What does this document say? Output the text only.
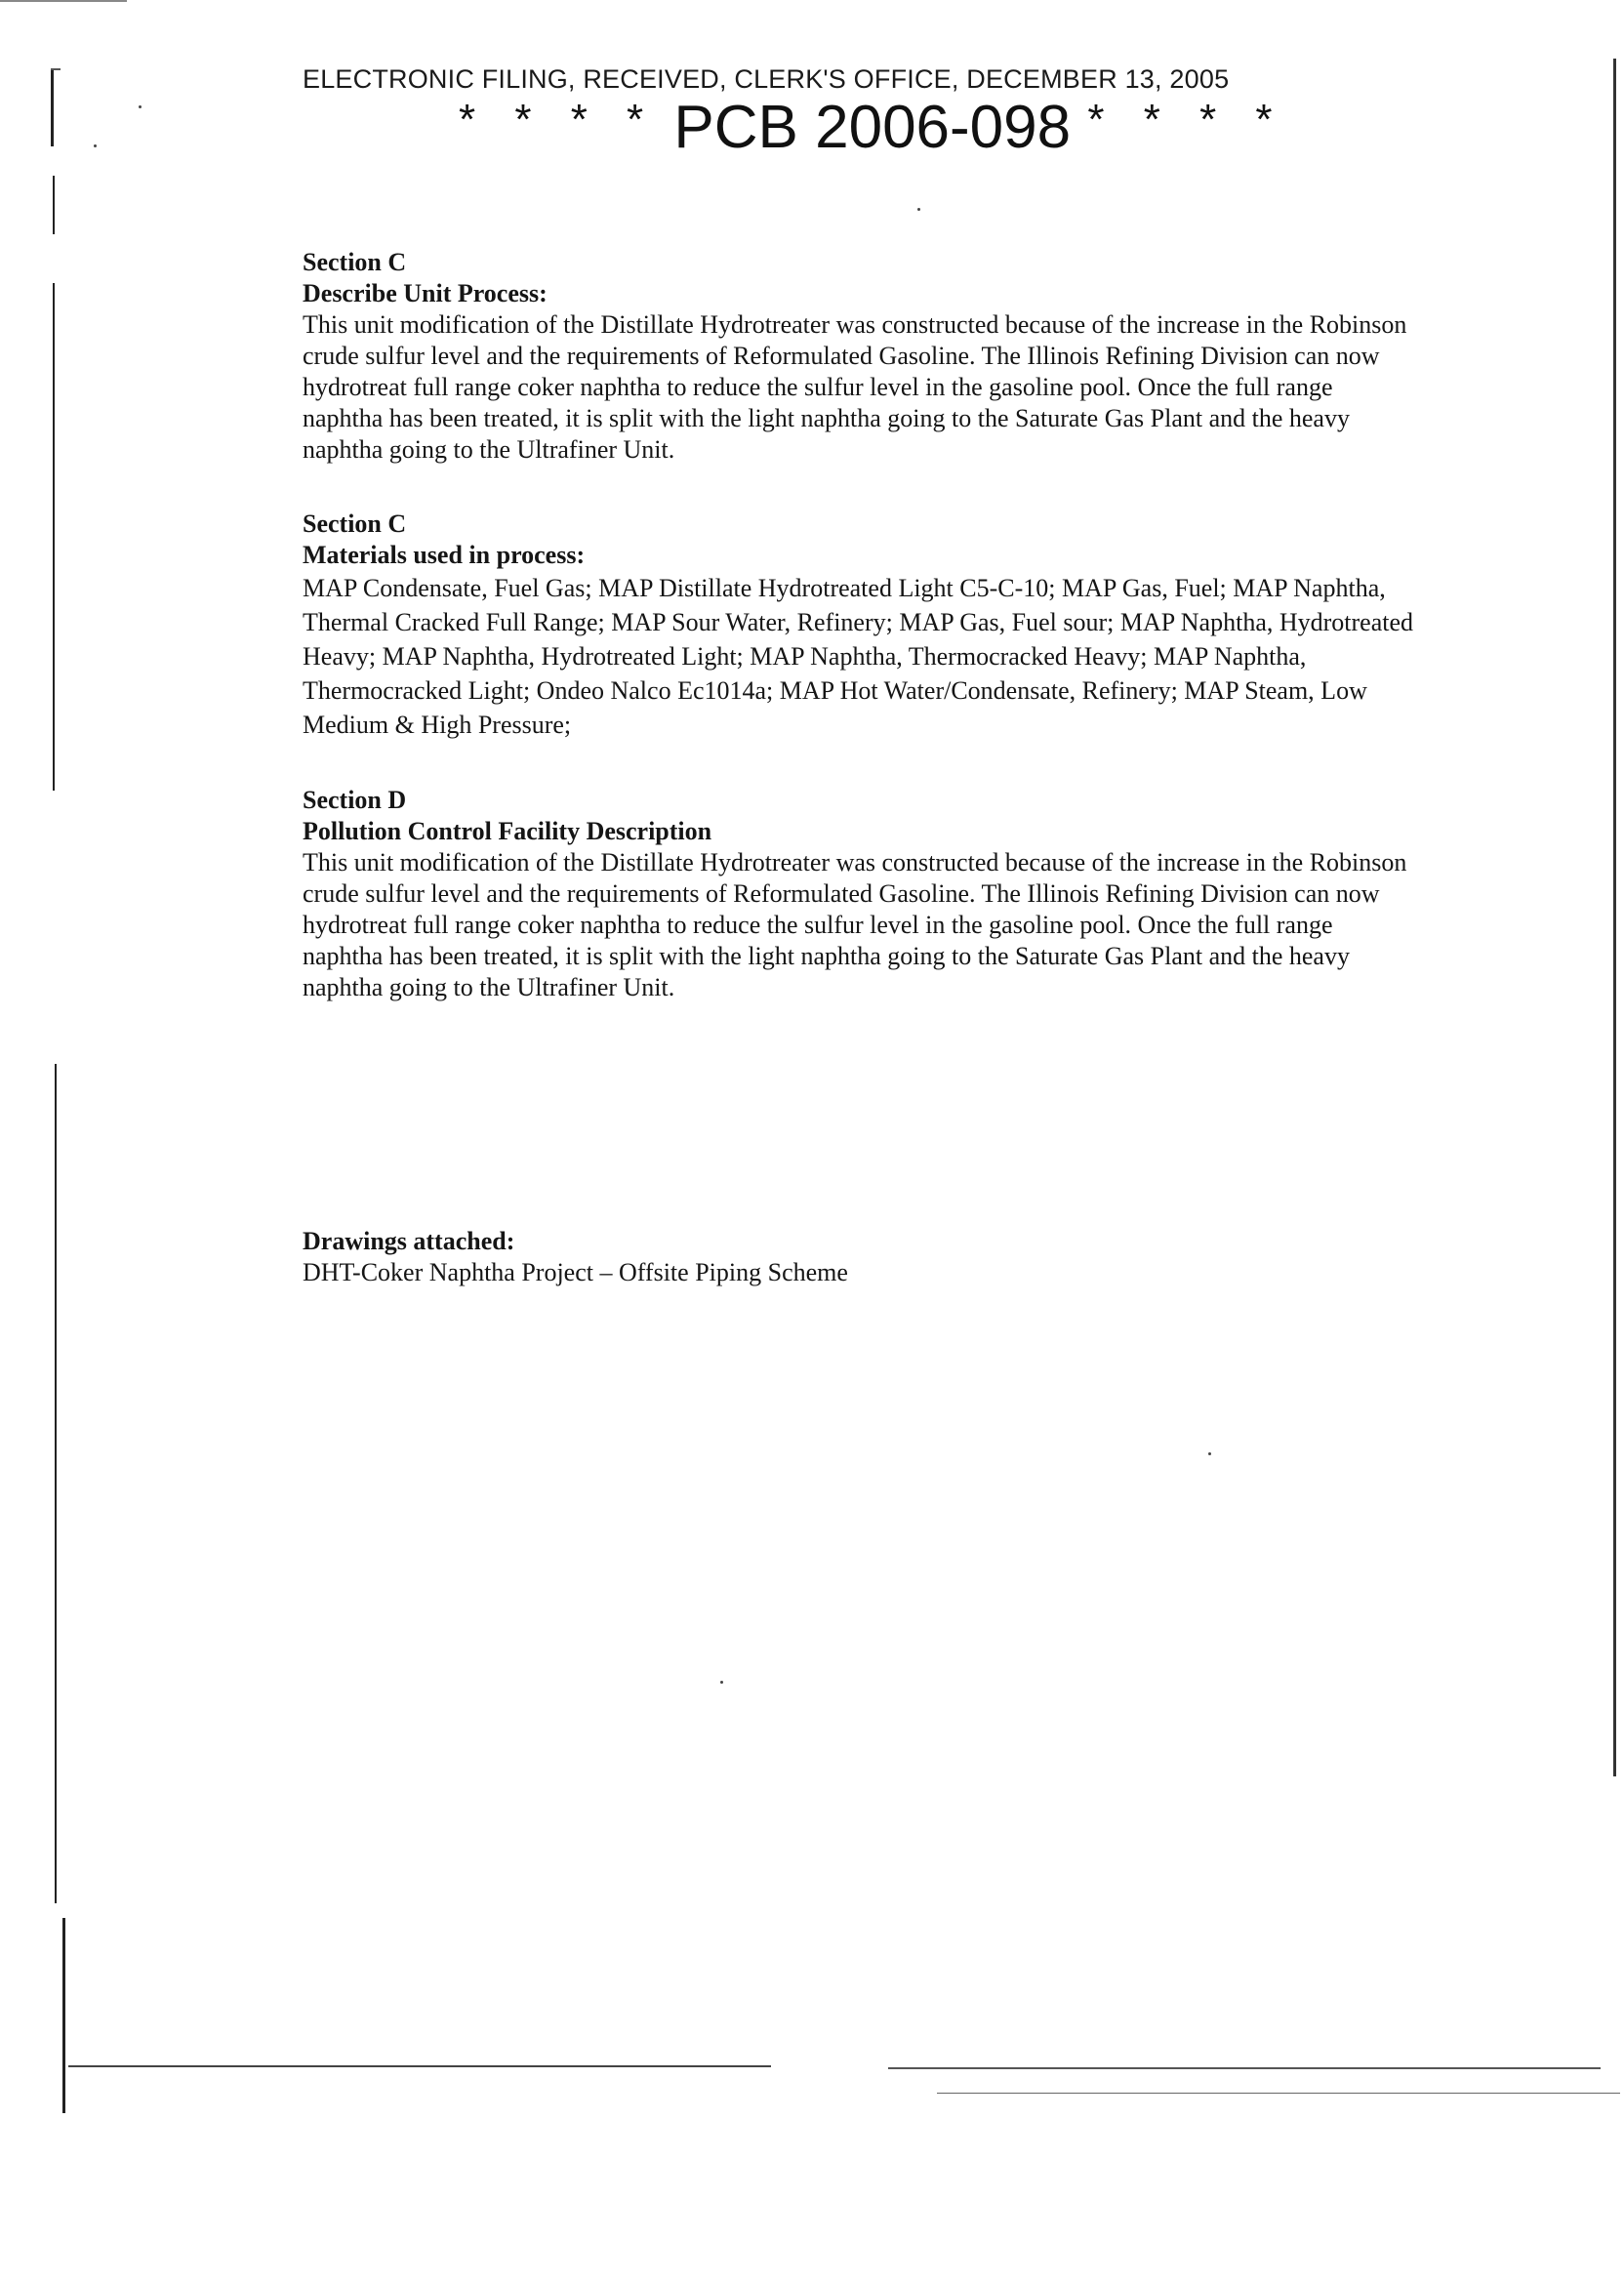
ELECTRONIC FILING, RECEIVED, CLERK'S OFFICE, DECEMBER 13, 2005
* * * * PCB 2006-098 * * * *
Section C
Describe Unit Process:
This unit modification of the Distillate Hydrotreater was constructed because of the increase in the Robinson crude sulfur level and the requirements of Reformulated Gasoline. The Illinois Refining Division can now hydrotreat full range coker naphtha to reduce the sulfur level in the gasoline pool. Once the full range naphtha has been treated, it is split with the light naphtha going to the Saturate Gas Plant and the heavy naphtha going to the Ultrafiner Unit.
Section C
Materials used in process:
MAP Condensate, Fuel Gas; MAP Distillate Hydrotreated Light C5-C-10; MAP Gas, Fuel; MAP Naphtha, Thermal Cracked Full Range; MAP Sour Water, Refinery; MAP Gas, Fuel sour; MAP Naphtha, Hydrotreated Heavy; MAP Naphtha, Hydrotreated Light; MAP Naphtha, Thermocracked Heavy; MAP Naphtha, Thermocracked Light; Ondeo Nalco Ec1014a; MAP Hot Water/Condensate, Refinery; MAP Steam, Low Medium & High Pressure;
Section D
Pollution Control Facility Description
This unit modification of the Distillate Hydrotreater was constructed because of the increase in the Robinson crude sulfur level and the requirements of Reformulated Gasoline. The Illinois Refining Division can now hydrotreat full range coker naphtha to reduce the sulfur level in the gasoline pool. Once the full range naphtha has been treated, it is split with the light naphtha going to the Saturate Gas Plant and the heavy naphtha going to the Ultrafiner Unit.
Drawings attached:
DHT-Coker Naphtha Project – Offsite Piping Scheme
